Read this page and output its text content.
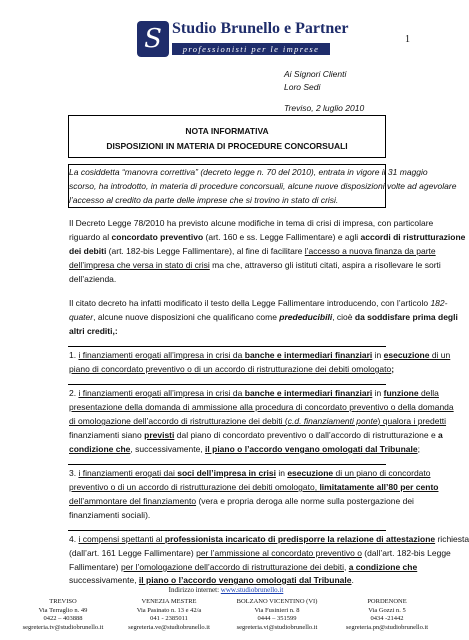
1
S Studio Brunello e Partner
professionisti per le imprese
Ai Signori Clienti
Loro Sedi
Treviso, 2 luglio 2010
NOTA INFORMATIVA
DISPOSIZIONI IN MATERIA DI PROCEDURE CONCORSUALI
La cosiddetta “manovra correttiva” (decreto legge n. 70 del 2010), entrata in vigore il 31 maggio
scorso, ha introdotto, in materia di procedure concorsuali, alcune nuove disposizioni volte ad agevolare
l’accesso al credito da parte delle imprese che si trovino in stato di crisi.
Il Decreto Legge 78/2010 ha previsto alcune modifiche in tema di crisi di impresa, con particolare
riguardo al concordato preventivo (art. 160 e ss. Legge Fallimentare) e agli accordi di ristrutturazione
dei debiti (art. 182-bis Legge Fallimentare), al fine di facilitare l’accesso a nuova finanza da parte
dell’impresa che versa in stato di crisi ma che, attraverso gli istituti citati, aspira a risollevare le sorti
dell’azienda.
Il citato decreto ha infatti modificato il testo della Legge Fallimentare introducendo, con l’articolo 182-
quater, alcune nuove disposizioni che qualificano come prededucibili, cioè da soddisfare prima degli
altri crediti,:
1. i finanziamenti erogati all’impresa in crisi da banche e intermediari finanziari in esecuzione di un
piano di concordato preventivo o di un accordo di ristrutturazione dei debiti omologato;
2. i finanziamenti erogati all’impresa in crisi da banche e intermediari finanziari in funzione della
presentazione della domanda di ammissione alla procedura di concordato preventivo o della domanda
di omologazione dell’accordo di ristrutturazione dei debiti (c.d. finanziamenti ponte) qualora i predetti
finanziamenti siano previsti dal piano di concordato preventivo o dall’accordo di ristrutturazione e a
condizione che, successivamente, il piano o l’accordo vengano omologati dal Tribunale;
3. i finanziamenti erogati dai soci dell’impresa in crisi in esecuzione di un piano di concordato
preventivo o di un accordo di ristrutturazione dei debiti omologato, limitatamente all’80 per cento
dell’ammontare del finanziamento (vera e propria deroga alle norme sulla postergazione dei
finanziamenti sociali).
4. i compensi spettanti al professionista incaricato di predisporre la relazione di attestazione richiesta
(dall’art. 161 Legge Fallimentare) per l’ammissione al concordato preventivo o (dall’art. 182-bis Legge
Fallimentare) per l’omologazione dell’accordo di ristrutturazione dei debiti, a condizione che
successivamente, il piano o l’accordo vengano omologati dal Tribunale.
Indirizzo internet: www.studiobrunello.it
TREVISO
Via Terraglio n. 49
0422 – 403888
segreteria.tv@studiobrunello.it
VENEZIA MESTRE
Via Pasinato n. 13 e 42/a
041 - 2385011
segreteria.ve@studiobrunello.it
BOLZANO VICENTINO (VI)
Via Fusinieri n. 8
0444 – 351599
segreteria.vi@studiobrunello.it
PORDENONE
Via Gozzi n. 5
0434 -21442
segreteria.pn@studiobrunello.it
